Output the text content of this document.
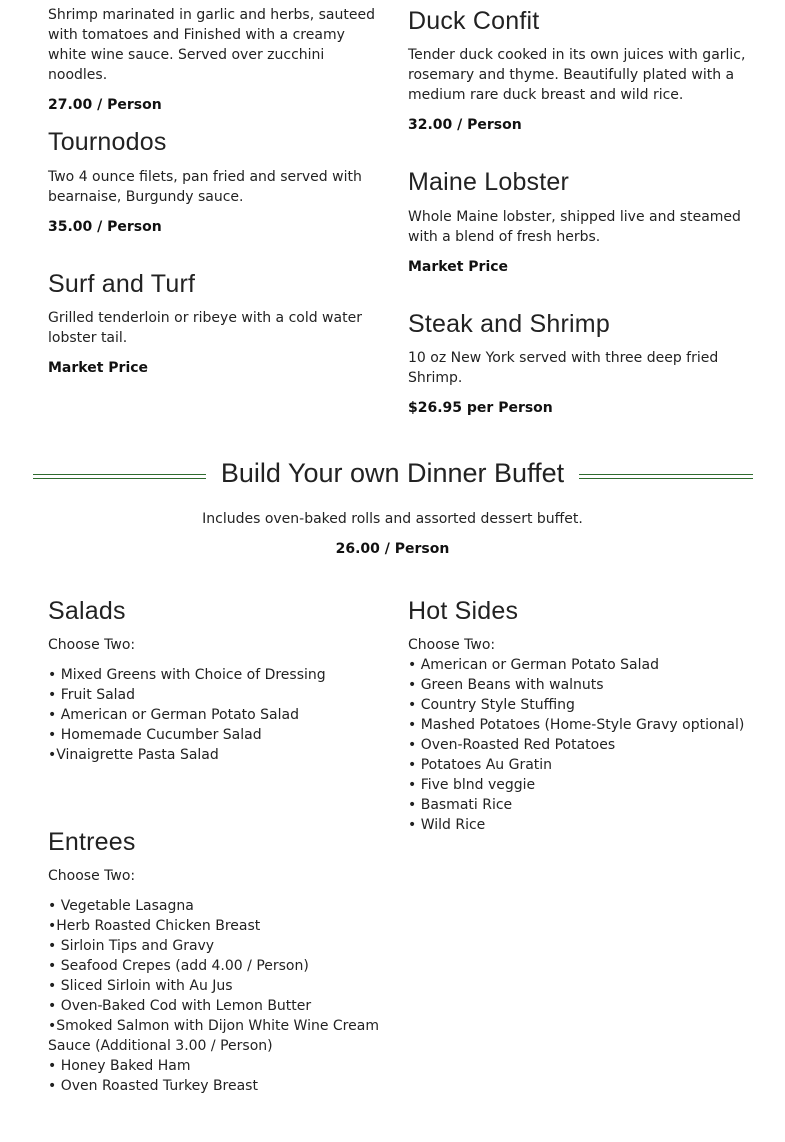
Shrimp marinated in garlic and herbs, sauteed with tomatoes and Finished with a creamy white wine sauce. Served over zucchini noodles.

27.00 / Person

Tournodos

Two 4 ounce filets, pan fried and served with bearnaise, Burgundy sauce.

35.00 / Person

Surf and Turf

Grilled tenderloin or ribeye with a cold water lobster tail.

Market Price

Duck Confit

Tender duck cooked in its own juices with garlic, rosemary and thyme. Beautifully plated with a medium rare duck breast and wild rice.

32.00 / Person

Maine Lobster

Whole Maine lobster, shipped live and steamed with a blend of fresh herbs.

Market Price

Steak and Shrimp

10 oz New York served with three deep fried Shrimp.

$26.95 per Person

Build Your own Dinner Buffet
Includes oven-baked rolls and assorted dessert buffet.
26.00 / Person
Salads

Choose Two:

• Mixed Greens with Choice of Dressing
• Fruit Salad
• American or German Potato Salad
• Homemade Cucumber Salad
•Vinaigrette Pasta Salad
Hot Sides

Choose Two:

• American or German Potato Salad
• Green Beans with walnuts
• Country Style Stuffing
• Mashed Potatoes (Home-Style Gravy optional)
• Oven-Roasted Red Potatoes
• Potatoes Au Gratin
• Five blnd veggie
• Basmati Rice
• Wild Rice
Entrees

Choose Two:

• Vegetable Lasagna
•Herb Roasted Chicken Breast
• Sirloin Tips and Gravy
• Seafood Crepes (add 4.00 / Person)
• Sliced Sirloin with Au Jus
• Oven-Baked Cod with Lemon Butter
•Smoked Salmon with Dijon White Wine Cream Sauce (Additional 3.00 / Person)
• Honey Baked Ham
• Oven Roasted Turkey Breast
